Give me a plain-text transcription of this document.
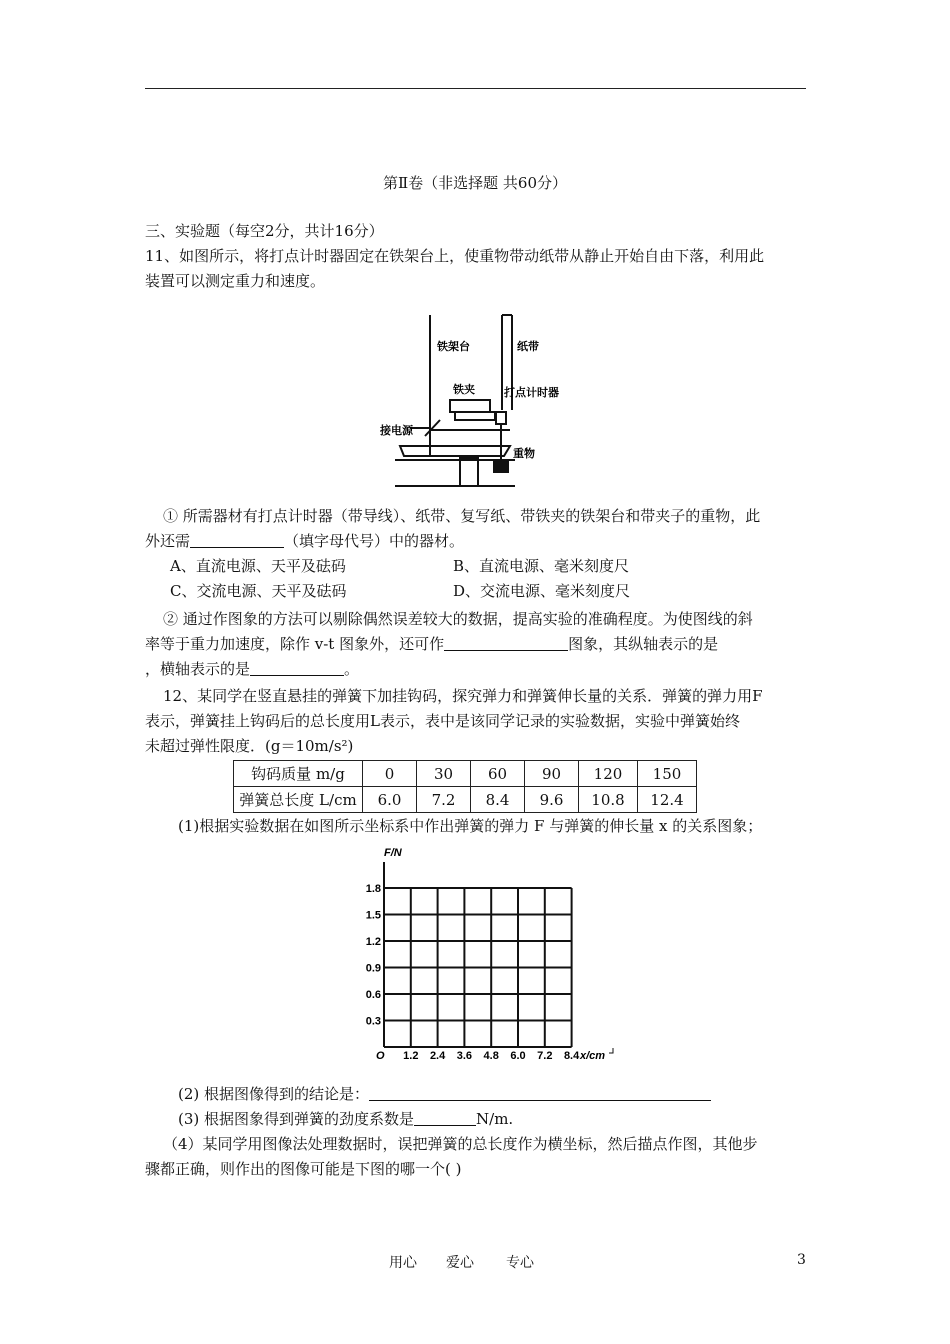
第Ⅱ卷（非选择题 共60分）
三、实验题（每空2分，共计16分）
11、如图所示，将打点计时器固定在铁架台上，使重物带动纸带从静止开始自由下落，利用此
装置可以测定重力和速度。
铁架台	纸带
铁夹	打点计时器
接电源
重物
① 所需器材有打点计时器（带导线）、纸带、复写纸、带铁夹的铁架台和带夹子的重物，此
外还需	（填字母代号）中的器材。
A、直流电源、天平及砝码	B、直流电源、毫米刻度尺
C、交流电源、天平及砝码	D、交流电源、毫米刻度尺
② 通过作图象的方法可以剔除偶然误差较大的数据，提高实验的准确程度。为使图线的斜
率等于重力加速度，除作 v-t 图象外，还可作	图象，其纵轴表示的是
，横轴表示的是	。
12、某同学在竖直悬挂的弹簧下加挂钩码，探究弹力和弹簧伸长量的关系．弹簧的弹力用F
表示，弹簧挂上钩码后的总长度用L表示，表中是该同学记录的实验数据，实验中弹簧始终
未超过弹性限度．(g＝10m/s²)
钩码质量 m/g	0	30	60	90	120	150
弹簧总长度 L/cm	6.0	7.2	8.4	9.6	10.8	12.4
(1)根据实验数据在如图所示坐标系中作出弹簧的弹力 F 与弹簧的伸长量 x 的关系图象；
F/N
O	x/cm
0.3
0.6
0.9
1.2
1.5
1.8
1.2 2.4 3.6 4.8 6.0 7.2 8.4
(2) 根据图像得到的结论是：
(3) 根据图象得到弹簧的劲度系数是	N/m.
（4）某同学用图像法处理数据时，误把弹簧的总长度作为横坐标，然后描点作图，其他步
骤都正确，则作出的图像可能是下图的哪一个( )
用心 爱心 专心	3
